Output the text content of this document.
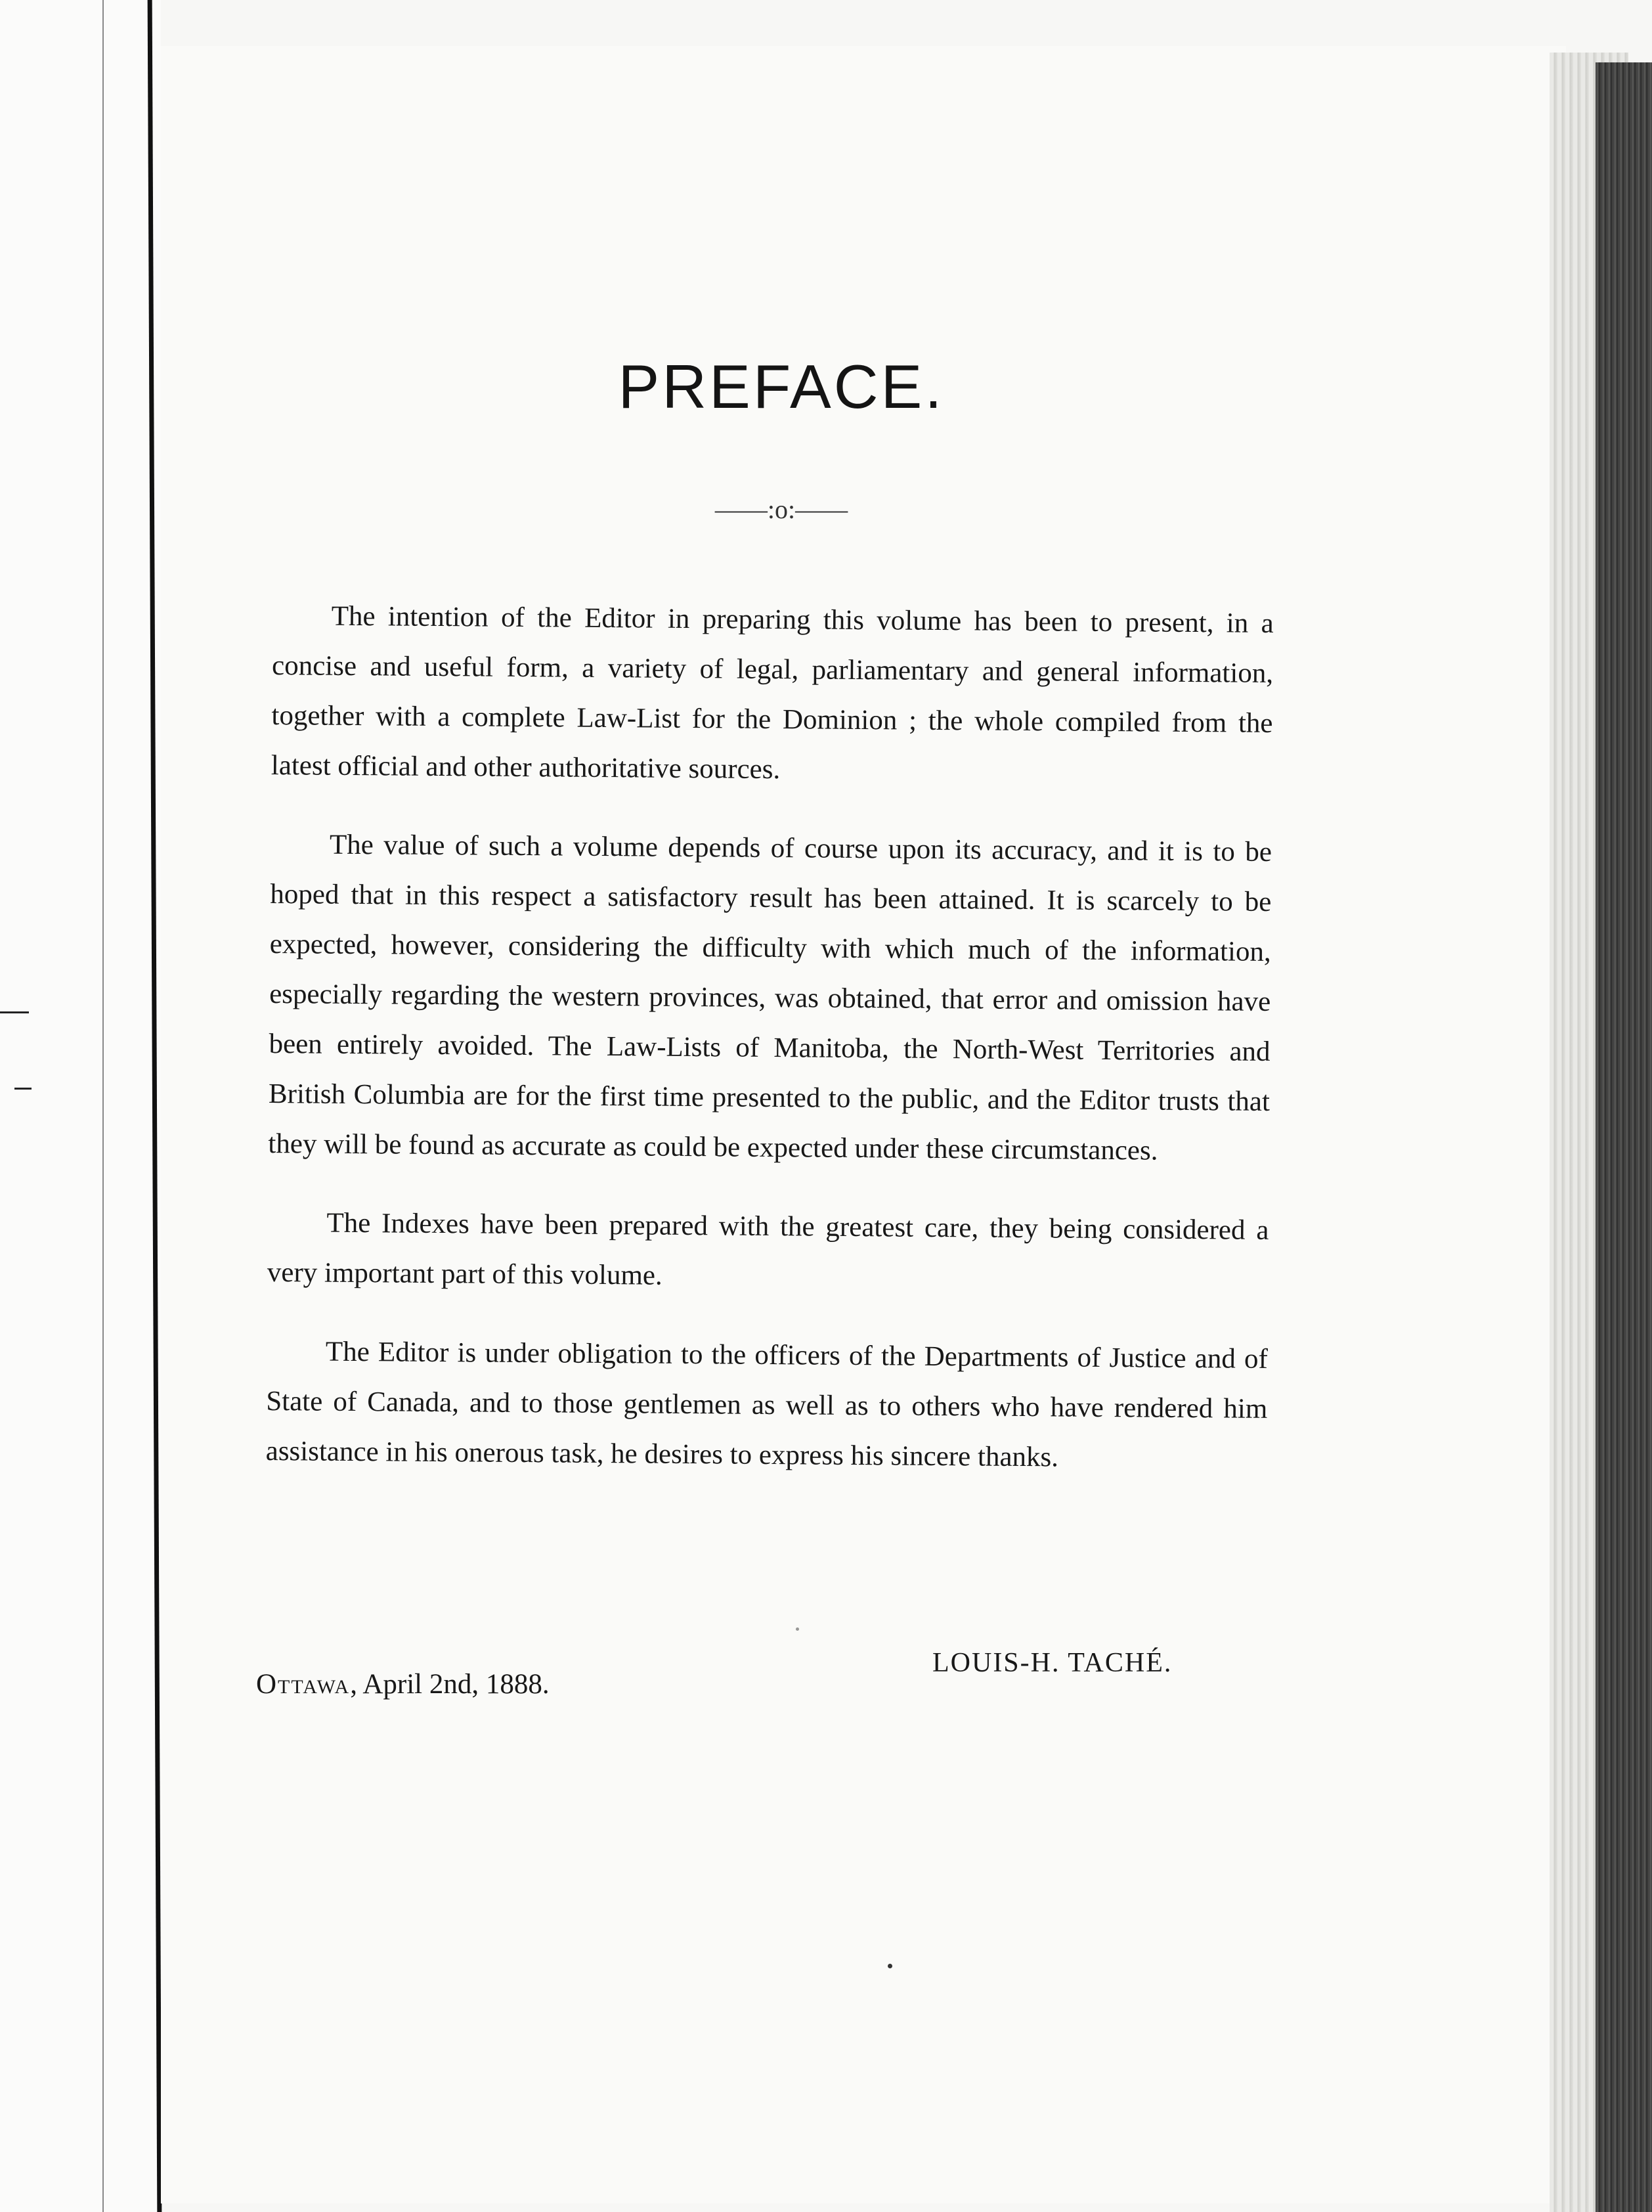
PREFACE.
——:o:——

The intention of the Editor in preparing this volume has been to present, in a concise and useful form, a variety of legal, parliamentary and general information, together with a complete Law-List for the Dominion ; the whole compiled from the latest official and other authoritative sources.

The value of such a volume depends of course upon its accuracy, and it is to be hoped that in this respect a satisfactory result has been attained. It is scarcely to be expected, however, considering the difficulty with which much of the information, especially regarding the western provinces, was obtained, that error and omission have been entirely avoided. The Law-Lists of Manitoba, the North-West Territories and British Columbia are for the first time presented to the public, and the Editor trusts that they will be found as accurate as could be expected under these circumstances.

The Indexes have been prepared with the greatest care, they being considered a very important part of this volume.

The Editor is under obligation to the officers of the Departments of Justice and of State of Canada, and to those gentlemen as well as to others who have rendered him assistance in his onerous task, he desires to express his sincere thanks.

LOUIS-H. TACHÉ.
Ottawa, April 2nd, 1888.
